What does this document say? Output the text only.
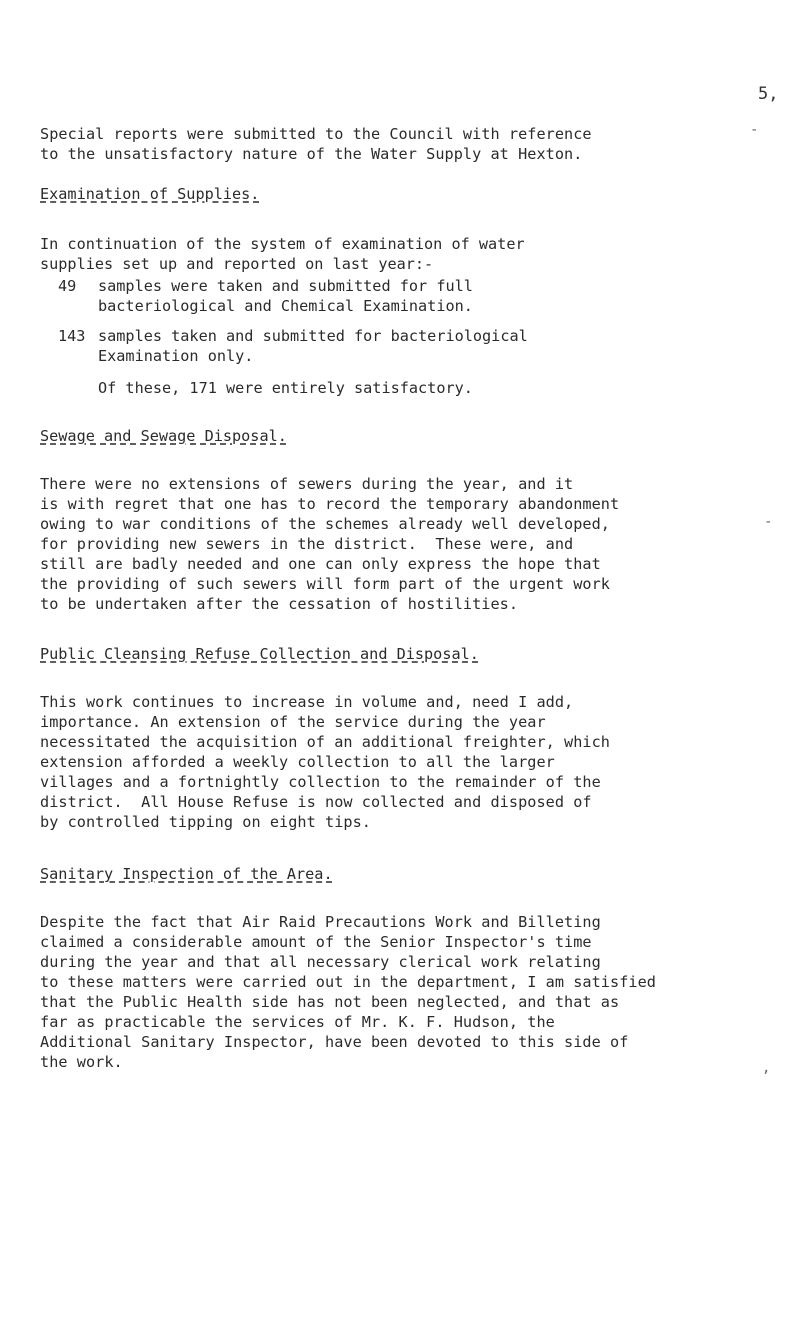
5,
Special reports were submitted to the Council with reference
to the unsatisfactory nature of the Water Supply at Hexton.
-
Examination of Supplies.
In continuation of the system of examination of water
supplies set up and reported on last year:-
49	samples were taken and submitted for full
bacteriological and Chemical Examination.
143 samples taken and submitted for bacteriological
Examination only.
Of these, 171 were entirely satisfactory.
Sewage and Sewage Disposal.
There were no extensions of sewers during the year, and it
is with regret that one has to record the temporary abandonment
owing to war conditions of the schemes already well developed,
for providing new sewers in the district.  These were, and
still are badly needed and one can only express the hope that
the providing of such sewers will form part of the urgent work
to be undertaken after the cessation of hostilities.
-
Public Cleansing Refuse Collection and Disposal.
This work continues to increase in volume and, need I add,
importance. An extension of the service during the year
necessitated the acquisition of an additional freighter, which
extension afforded a weekly collection to all the larger
villages and a fortnightly collection to the remainder of the
district.  All House Refuse is now collected and disposed of
by controlled tipping on eight tips.
Sanitary Inspection of the Area.
Despite the fact that Air Raid Precautions Work and Billeting
claimed a considerable amount of the Senior Inspector's time
during the year and that all necessary clerical work relating
to these matters were carried out in the department, I am satisfied
that the Public Health side has not been neglected, and that as
far as practicable the services of Mr. K. F. Hudson, the
Additional Sanitary Inspector, have been devoted to this side of
the work.	,
